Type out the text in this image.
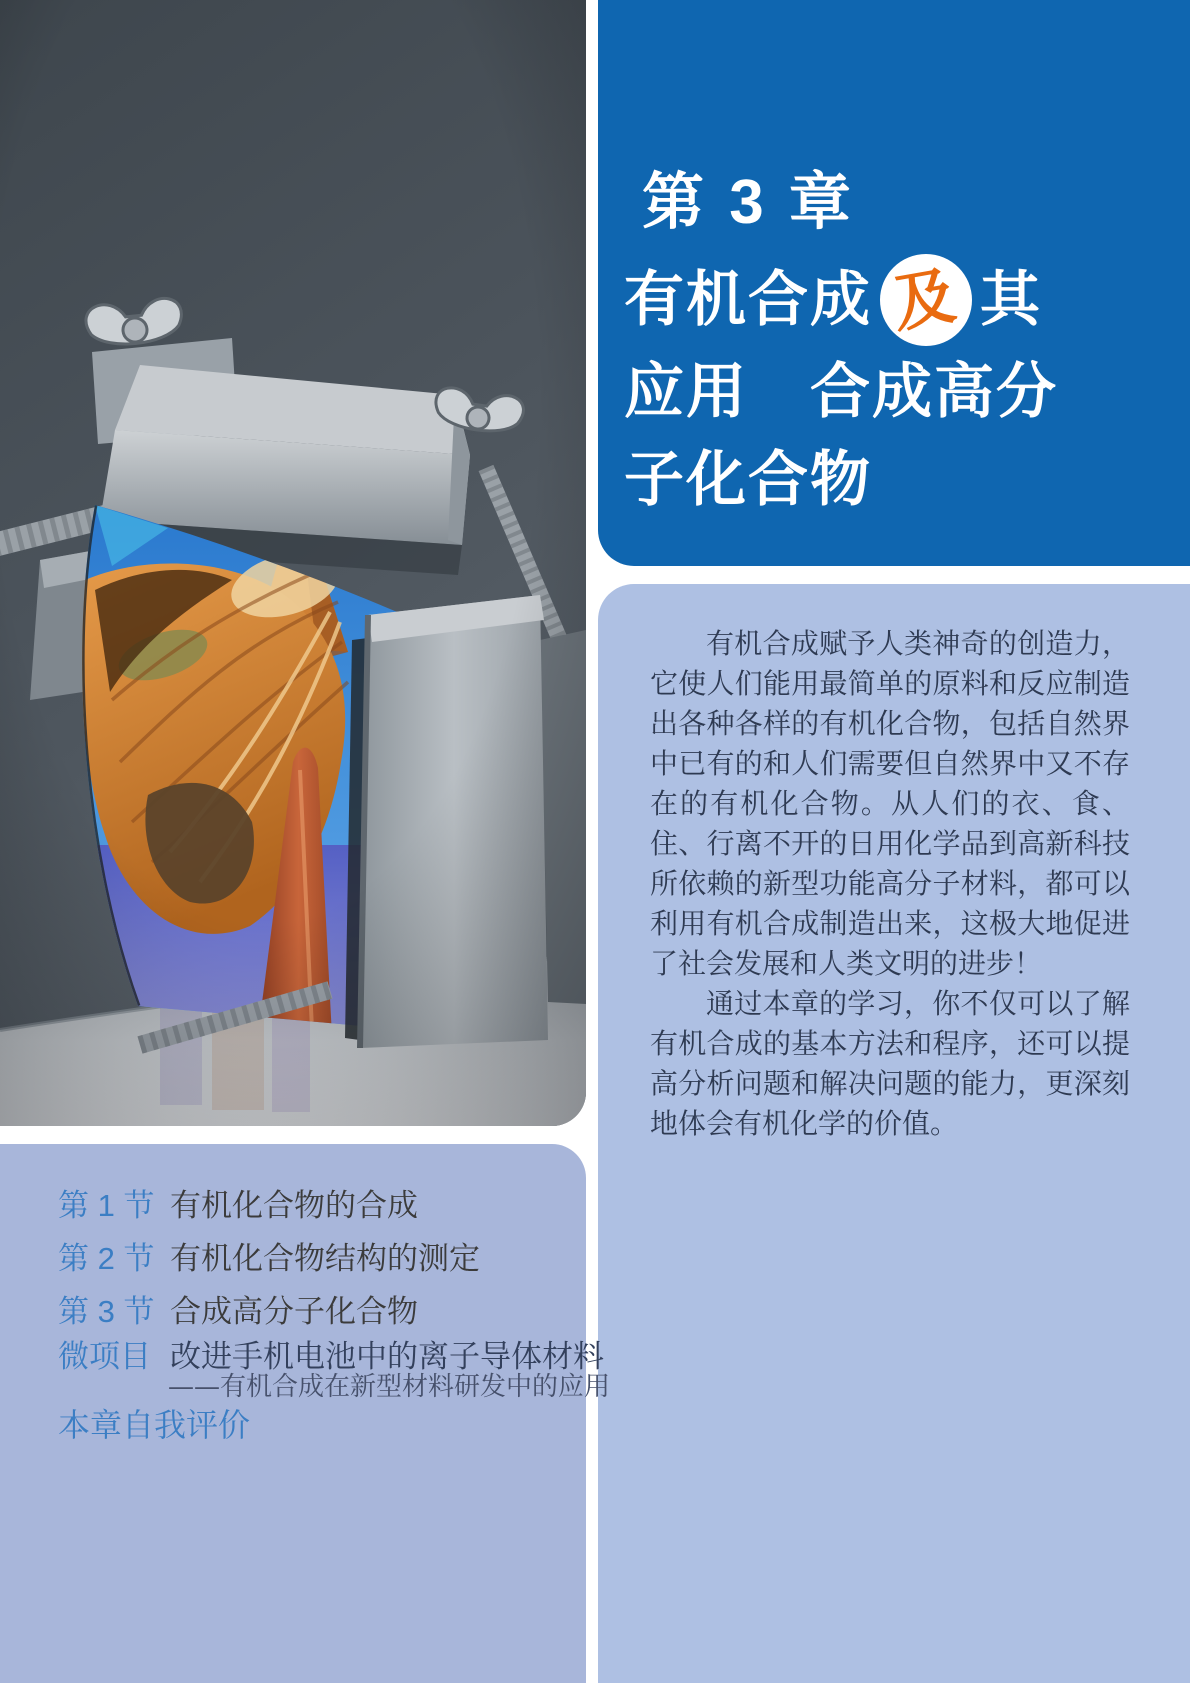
第 3 章
有机合成 及 其
应用　合成高分
子化合物

有机合成赋予人类神奇的创造力，它使人们能用最简单的原料和反应制造出各种各样的有机化合物，包括自然界中已有的和人们需要但自然界中又不存在的有机化合物。从人们的衣、食、住、行离不开的日用化学品到高新科技所依赖的新型功能高分子材料，都可以利用有机合成制造出来，这极大地促进了社会发展和人类文明的进步！

通过本章的学习，你不仅可以了解有机合成的基本方法和程序，还可以提高分析问题和解决问题的能力，更深刻地体会有机化学的价值。

第 1 节 有机化合物的合成
第 2 节 有机化合物结构的测定
第 3 节 合成高分子化合物
微项目 改进手机电池中的离子导体材料
——有机合成在新型材料研发中的应用
本章自我评价
